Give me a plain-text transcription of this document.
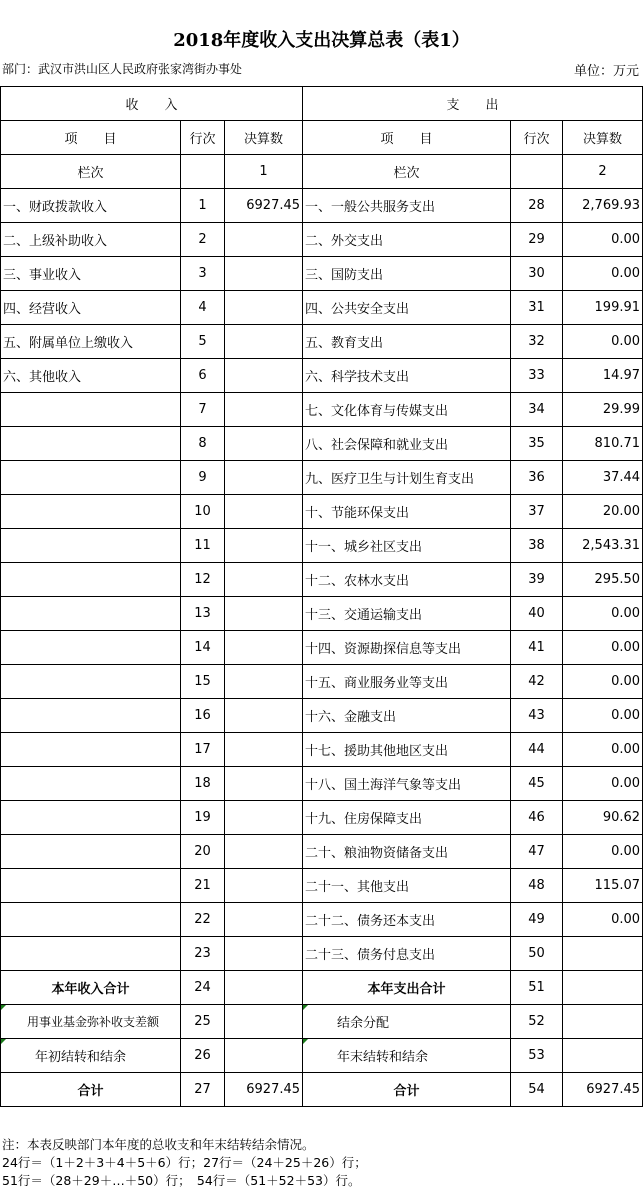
2018年度收入支出决算总表（表1）
部门：武汉市洪山区人民政府张家湾街办事处	单位：万元
收　　入			支　　出		
项　　目	行次	决算数	项　　目	行次	决算数
栏次		1	栏次		2
一、财政拨款收入	1	6927.45	一、一般公共服务支出	28	2,769.93
二、上级补助收入	2		二、外交支出	29	0.00
三、事业收入	3		三、国防支出	30	0.00
四、经营收入	4		四、公共安全支出	31	199.91
五、附属单位上缴收入	5		五、教育支出	32	0.00
六、其他收入	6		六、科学技术支出	33	14.97
	7		七、文化体育与传媒支出	34	29.99
	8		八、社会保障和就业支出	35	810.71
	9		九、医疗卫生与计划生育支出	36	37.44
	10		十、节能环保支出	37	20.00
	11		十一、城乡社区支出	38	2,543.31
	12		十二、农林水支出	39	295.50
	13		十三、交通运输支出	40	0.00
	14		十四、资源勘探信息等支出	41	0.00
	15		十五、商业服务业等支出	42	0.00
	16		十六、金融支出	43	0.00
	17		十七、援助其他地区支出	44	0.00
	18		十八、国土海洋气象等支出	45	0.00
	19		十九、住房保障支出	46	90.62
	20		二十、粮油物资储备支出	47	0.00
	21		二十一、其他支出	48	115.07
	22		二十二、债务还本支出	49	0.00
	23		二十三、债务付息支出	50	
本年收入合计	24		本年支出合计	51	
用事业基金弥补收支差额	25		结余分配	52	
年初结转和结余	26		年末结转和结余	53	
合计	27	6927.45	合计	54	6927.45
注：本表反映部门本年度的总收支和年末结转结余情况。
24行＝（1＋2＋3＋4＋5＋6）行；27行＝（24＋25＋26）行；
51行＝（28＋29＋…＋50）行；　54行＝（51＋52＋53）行。
